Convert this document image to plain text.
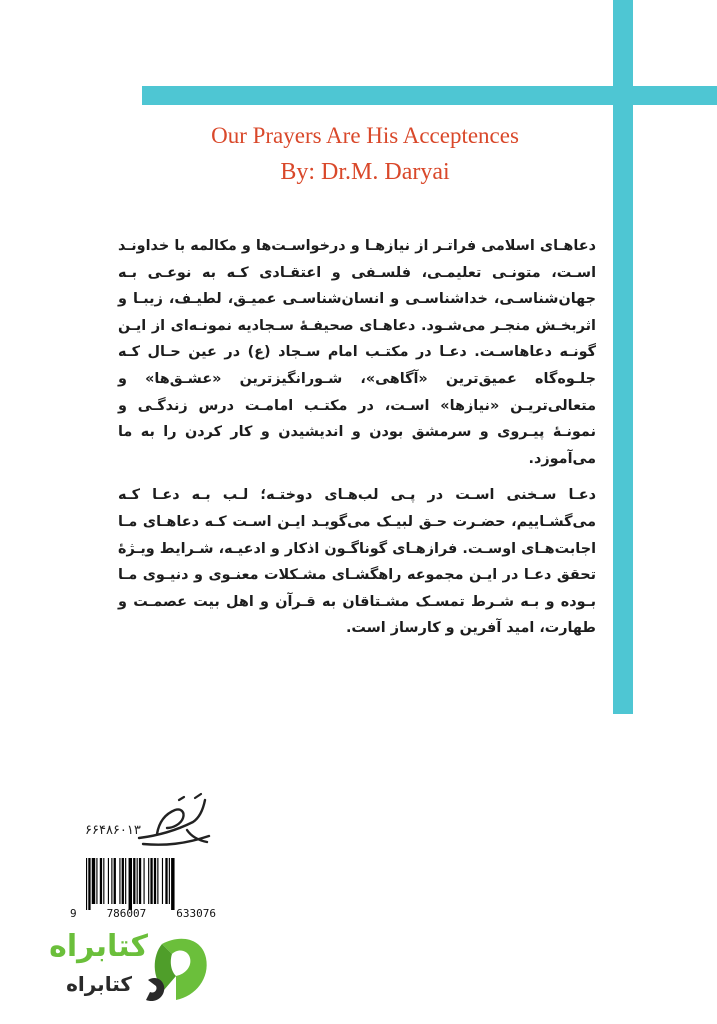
Our Prayers Are His Acceptences
By: Dr.M. Daryai

دعاهـای اسلامی فراتـر از نیازهـا و درخواسـت‌ها و مکالمه با خداونـد اسـت، متونـی تعلیمـی، فلسـفی و اعتقـادی کـه به نوعـی بـه جهان‌شناسـی، خداشناسـی و انسان‌شناسـی عمیـق، لطیـف، زیبـا و اثربخـش منجـر می‌شـود. دعاهـای صحیفـۀ سـجادیه نمونـه‌ای از ایـن گونـه دعاهاسـت. دعـا در مکتـب امام سـجاد (ع) در عین حـال کـه جلـوه‌گاه عمیق‌ترین «آگاهی»، شـورانگیزترین «عشـق‌ها» و متعالی‌تریـن «نیازها» اسـت، در مکتـب امامـت درس زندگـی و نمونـۀ پیـروی و سرمشق بودن و اندیشیدن و کار کردن را به ما می‌آموزد.

دعـا سـخنی اسـت در پـی لب‌هـای دوختـه؛ لـب بـه دعـا کـه می‌گشـاییم، حضـرت حـق لبیـک می‌گویـد ایـن اسـت کـه دعاهـای مـا اجابت‌هـای اوسـت. فرازهـای گوناگـون اذکار و ادعیـه، شـرایط ویـژۀ تحقق دعـا در ایـن مجموعه راهگشـای مشـکلات معنـوی و دنیـوی مـا بـوده و بـه شـرط تمسـک مشـتاقان به قـرآن و اهل بیت عصمـت و طهارت، امید آفرین و کارساز است.

۶۶۴۸۶۰۱۳
9	786007	633076
کتابراه
کتابراه
